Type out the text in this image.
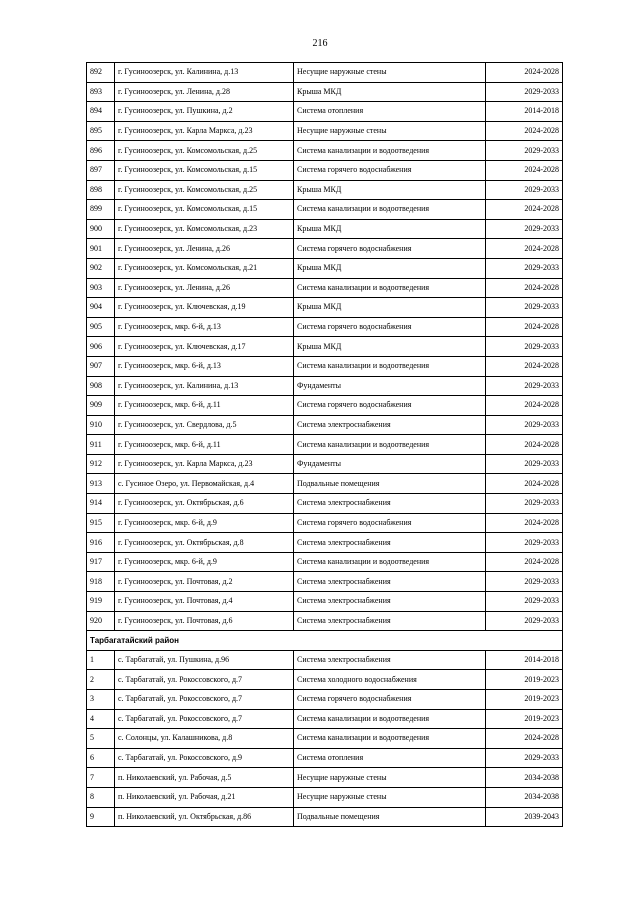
216
892	г. Гусиноозерск, ул. Калинина, д.13	Несущие наружные стены	2024-2028
893	г. Гусиноозерск, ул. Ленина, д.28	Крыша МКД	2029-2033
894	г. Гусиноозерск, ул. Пушкина, д.2	Система отопления	2014-2018
895	г. Гусиноозерск, ул. Карла Маркса, д.23	Несущие наружные стены	2024-2028
896	г. Гусиноозерск, ул. Комсомольская, д.25	Система канализации и водоотведения	2029-2033
897	г. Гусиноозерск, ул. Комсомольская, д.15	Система горячего водоснабжения	2024-2028
898	г. Гусиноозерск, ул. Комсомольская, д.25	Крыша МКД	2029-2033
899	г. Гусиноозерск, ул. Комсомольская, д.15	Система канализации и водоотведения	2024-2028
900	г. Гусиноозерск, ул. Комсомольская, д.23	Крыша МКД	2029-2033
901	г. Гусиноозерск, ул. Ленина, д.26	Система горячего водоснабжения	2024-2028
902	г. Гусиноозерск, ул. Комсомольская, д.21	Крыша МКД	2029-2033
903	г. Гусиноозерск, ул. Ленина, д.26	Система канализации и водоотведения	2024-2028
904	г. Гусиноозерск, ул. Ключевская, д.19	Крыша МКД	2029-2033
905	г. Гусиноозерск, мкр. 6-й, д.13	Система горячего водоснабжения	2024-2028
906	г. Гусиноозерск, ул. Ключевская, д.17	Крыша МКД	2029-2033
907	г. Гусиноозерск, мкр. 6-й, д.13	Система канализации и водоотведения	2024-2028
908	г. Гусиноозерск, ул. Калинина, д.13	Фундаменты	2029-2033
909	г. Гусиноозерск, мкр. 6-й, д.11	Система горячего водоснабжения	2024-2028
910	г. Гусиноозерск, ул. Свердлова, д.5	Система электроснабжения	2029-2033
911	г. Гусиноозерск, мкр. 6-й, д.11	Система канализации и водоотведения	2024-2028
912	г. Гусиноозерск, ул. Карла Маркса, д.23	Фундаменты	2029-2033
913	с. Гусиное Озеро, ул. Первомайская, д.4	Подвальные помещения	2024-2028
914	г. Гусиноозерск, ул. Октябрьская, д.6	Система электроснабжения	2029-2033
915	г. Гусиноозерск, мкр. 6-й, д.9	Система горячего водоснабжения	2024-2028
916	г. Гусиноозерск, ул. Октябрьская, д.8	Система электроснабжения	2029-2033
917	г. Гусиноозерск, мкр. 6-й, д.9	Система канализации и водоотведения	2024-2028
918	г. Гусиноозерск, ул. Почтовая, д.2	Система электроснабжения	2029-2033
919	г. Гусиноозерск, ул. Почтовая, д.4	Система электроснабжения	2029-2033
920	г. Гусиноозерск, ул. Почтовая, д.6	Система электроснабжения	2029-2033
Тарбагатайский район			
1	с. Тарбагатай, ул. Пушкина, д.96	Система электроснабжения	2014-2018
2	с. Тарбагатай, ул. Рокоссовского, д.7	Система холодного водоснабжения	2019-2023
3	с. Тарбагатай, ул. Рокоссовского, д.7	Система горячего водоснабжения	2019-2023
4	с. Тарбагатай, ул. Рокоссовского, д.7	Система канализации и водоотведения	2019-2023
5	с. Солонцы, ул. Калашникова, д.8	Система канализации и водоотведения	2024-2028
6	с. Тарбагатай, ул. Рокоссовского, д.9	Система отопления	2029-2033
7	п. Николаевский, ул. Рабочая, д.5	Несущие наружные стены	2034-2038
8	п. Николаевский, ул. Рабочая, д.21	Несущие наружные стены	2034-2038
9	п. Николаевский, ул. Октябрьская, д.86	Подвальные помещения	2039-2043
